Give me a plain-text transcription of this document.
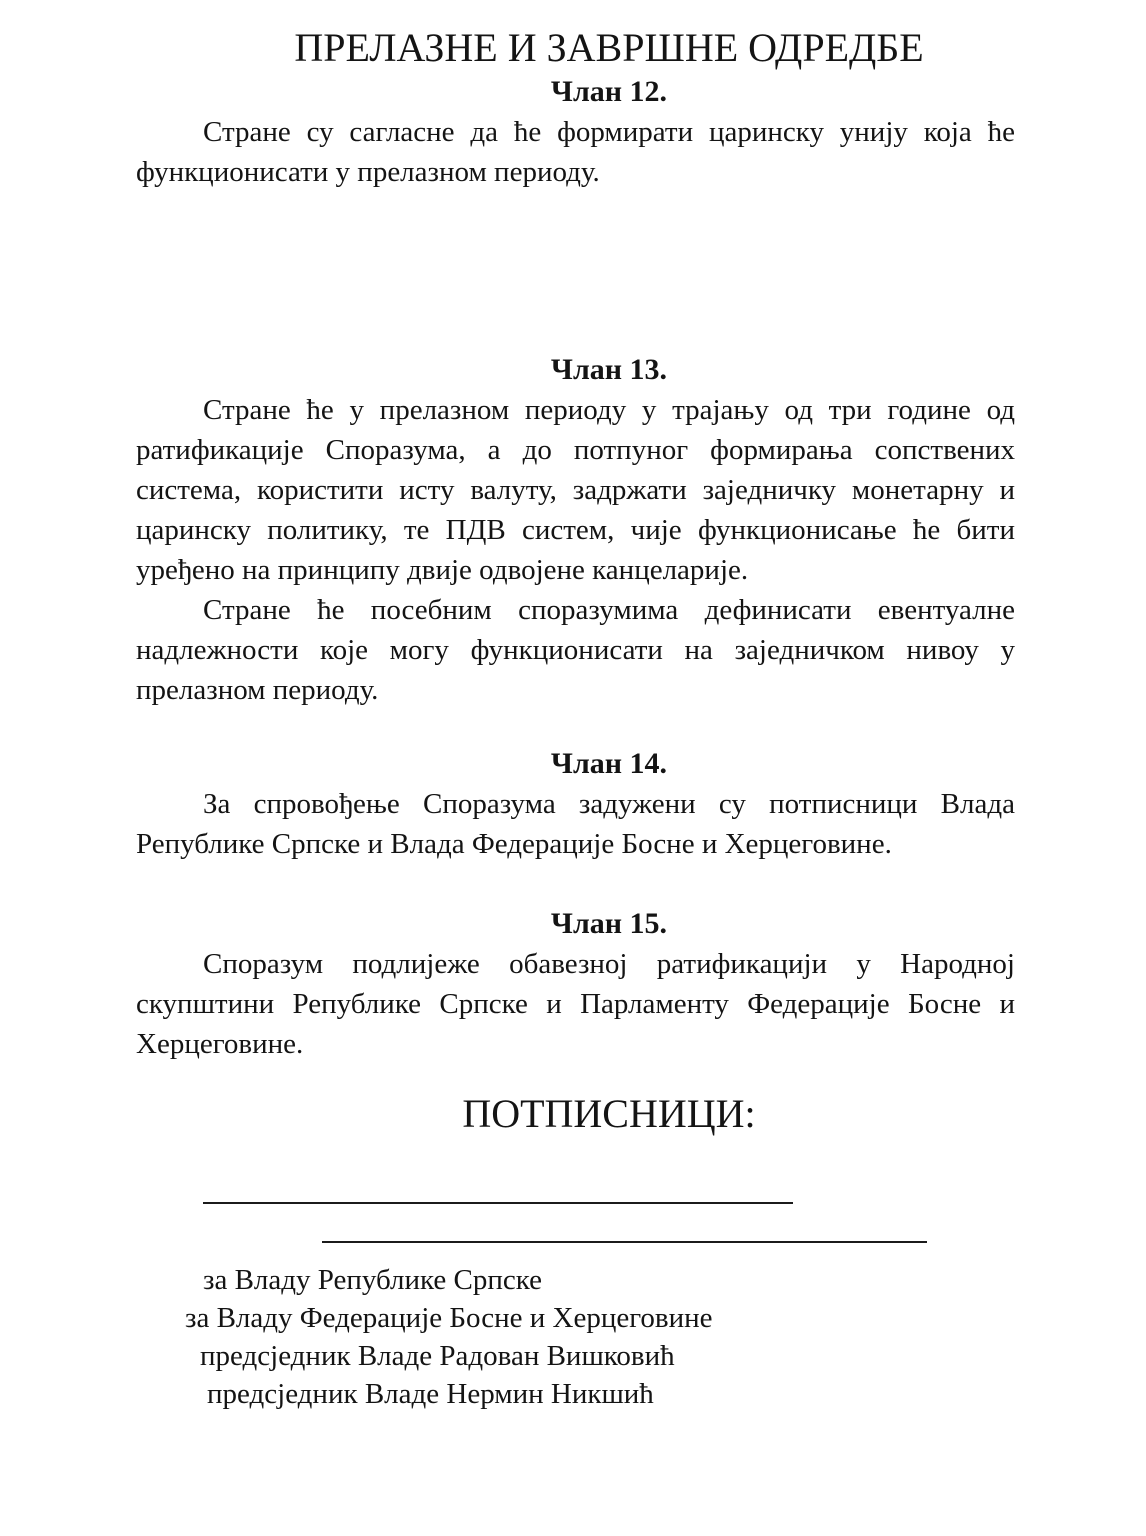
ПРЕЛАЗНЕ И ЗАВРШНЕ ОДРЕДБЕ
Члан 12.

Стране су сагласне да ће формирати царинску унију која ће функционисати у прелазном периоду.

Члан 13.

Стране ће у прелазном периоду у трајању од три године од ратификације Споразума, а до потпуног формирања сопствених система, користити исту валуту, задржати заједничку монетарну и царинску политику, те ПДВ систем, чије функционисање ће бити уређено на принципу двије одвојене канцеларије.

Стране ће посебним споразумима дефинисати евентуалне надлежности које могу функционисати на заједничком нивоу у прелазном периоду.

Члан 14.

За спровођење Споразума задужени су потписници Влада Републике Српске и Влада Федерације Босне и Херцеговине.

Члан 15.

Споразум подлијеже обавезној ратификацији у Народној скупштини Републике Српске и Парламенту Федерације Босне и Херцеговине.

ПОТПИСНИЦИ:

за Владу Републике Српске

за Владу Федерације Босне и Херцеговине

предсједник Владе Радован Вишковић

предсједник Владе Нермин Никшић
